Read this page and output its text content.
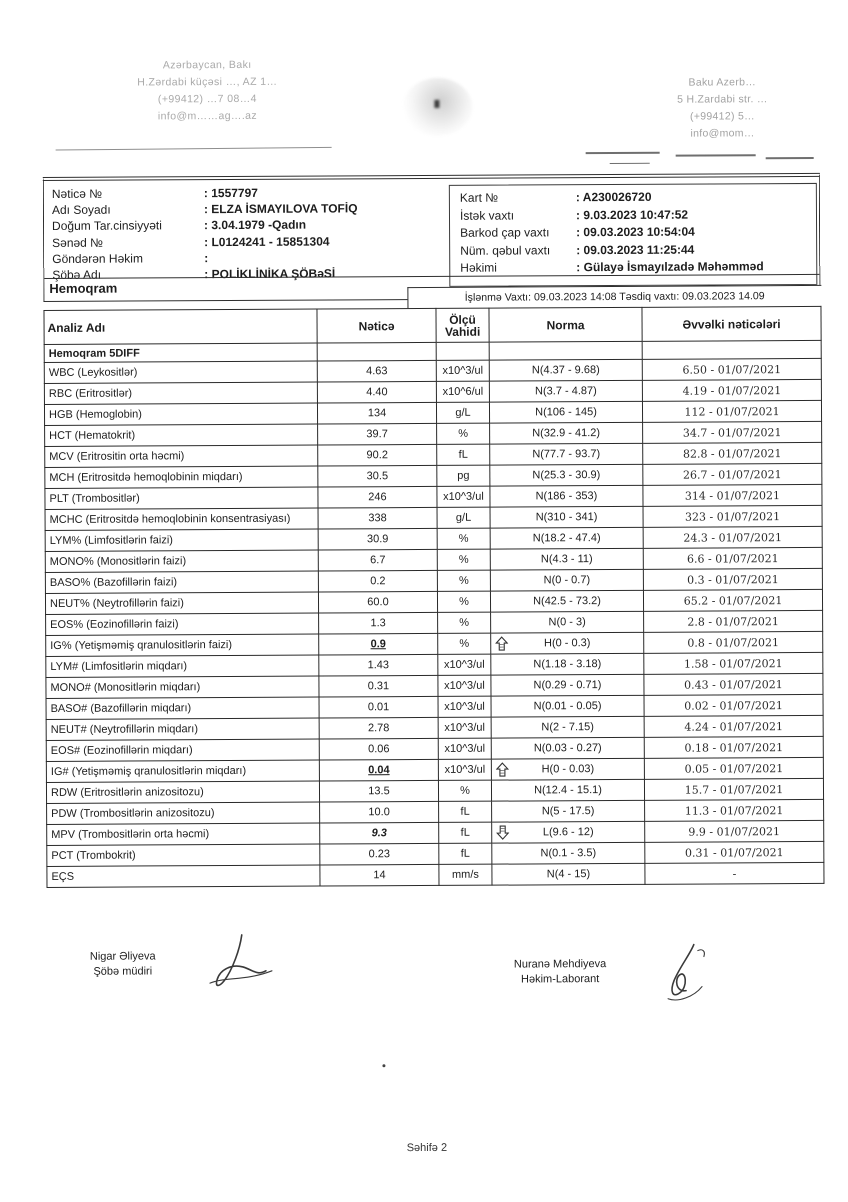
Azərbaycan, Bakı
H.Zərdabi küçəsi …, AZ 1…
(+99412) …7 08…4
info@m……ag….az
Baku Azerb…
5 H.Zardabi str. …
(+99412) 5…
info@mom…
Nəticə №	: 1557797
Adı Soyadı	: ELZA İSMAYILOVA TOFİQ
Doğum Tar.cinsiyyəti	: 3.04.1979 -Qadın
Sənəd №	: L0124241 - 15851304
Göndərən Həkim	:
Şöbə Adı	: POLİKLİNİKA ŞÖBəSİ
Kart №	: A230026720
İstək vaxtı	: 9.03.2023 10:47:52
Barkod çap vaxtı : 09.03.2023 10:54:04
Nüm. qəbul vaxtı : 09.03.2023 11:25:44
Həkimi	: Gülayə İsmayılzadə Məhəmməd
Hemoqram
İşlənmə Vaxtı: 09.03.2023 14:08 Təsdiq vaxtı: 09.03.2023 14.09
Analiz Adı	Nəticə	Ölçü Vahidi	Norma	Əvvəlki nəticələri
Hemoqram 5DIFF				
WBC (Leykositlər)	4.63	x10^3/ul	N(4.37 - 9.68)	6.50 - 01/07/2021
RBC (Eritrositlər)	4.40	x10^6/ul	N(3.7 - 4.87)	4.19 - 01/07/2021
HGB (Hemoglobin)	134	g/L	N(106 - 145)	112 - 01/07/2021
HCT (Hematokrit)	39.7	%	N(32.9 - 41.2)	34.7 - 01/07/2021
MCV (Eritrositin orta həcmi)	90.2	fL	N(77.7 - 93.7)	82.8 - 01/07/2021
MCH (Eritrositdə hemoqlobinin miqdarı)	30.5	pg	N(25.3 - 30.9)	26.7 - 01/07/2021
PLT (Trombositlər)	246	x10^3/ul	N(186 - 353)	314 - 01/07/2021
MCHC (Eritrositdə hemoqlobinin konsentrasiyası)	338	g/L	N(310 - 341)	323 - 01/07/2021
LYM% (Limfositlərin faizi)	30.9	%	N(18.2 - 47.4)	24.3 - 01/07/2021
MONO% (Monositlərin faizi)	6.7	%	N(4.3 - 11)	6.6 - 01/07/2021
BASO% (Bazofillərin faizi)	0.2	%	N(0 - 0.7)	0.3 - 01/07/2021
NEUT% (Neytrofillərin faizi)	60.0	%	N(42.5 - 73.2)	65.2 - 01/07/2021
EOS% (Eozinofillərin faizi)	1.3	%	N(0 - 3)	2.8 - 01/07/2021
IG% (Yetişməmiş qranulositlərin faizi)	0.9	%	H(0 - 0.3)	0.8 - 01/07/2021
LYM# (Limfositlərin miqdarı)	1.43	x10^3/ul	N(1.18 - 3.18)	1.58 - 01/07/2021
MONO# (Monositlərin miqdarı)	0.31	x10^3/ul	N(0.29 - 0.71)	0.43 - 01/07/2021
BASO# (Bazofillərin miqdarı)	0.01	x10^3/ul	N(0.01 - 0.05)	0.02 - 01/07/2021
NEUT# (Neytrofillərin miqdarı)	2.78	x10^3/ul	N(2 - 7.15)	4.24 - 01/07/2021
EOS# (Eozinofillərin miqdarı)	0.06	x10^3/ul	N(0.03 - 0.27)	0.18 - 01/07/2021
IG# (Yetişməmiş qranulositlərin miqdarı)	0.04	x10^3/ul	H(0 - 0.03)	0.05 - 01/07/2021
RDW (Eritrositlərin anizositozu)	13.5	%	N(12.4 - 15.1)	15.7 - 01/07/2021
PDW (Trombositlərin anizositozu)	10.0	fL	N(5 - 17.5)	11.3 - 01/07/2021
MPV (Trombositlərin orta həcmi)	9.3	fL	L(9.6 - 12)	9.9 - 01/07/2021
PCT (Trombokrit)	0.23	fL	N(0.1 - 3.5)	0.31 - 01/07/2021
EÇS	14	mm/s	N(4 - 15)	-
Nigar Əliyeva
Şöbə müdiri
Nuranə Mehdiyeva
Həkim-Laborant
Səhifə 2
